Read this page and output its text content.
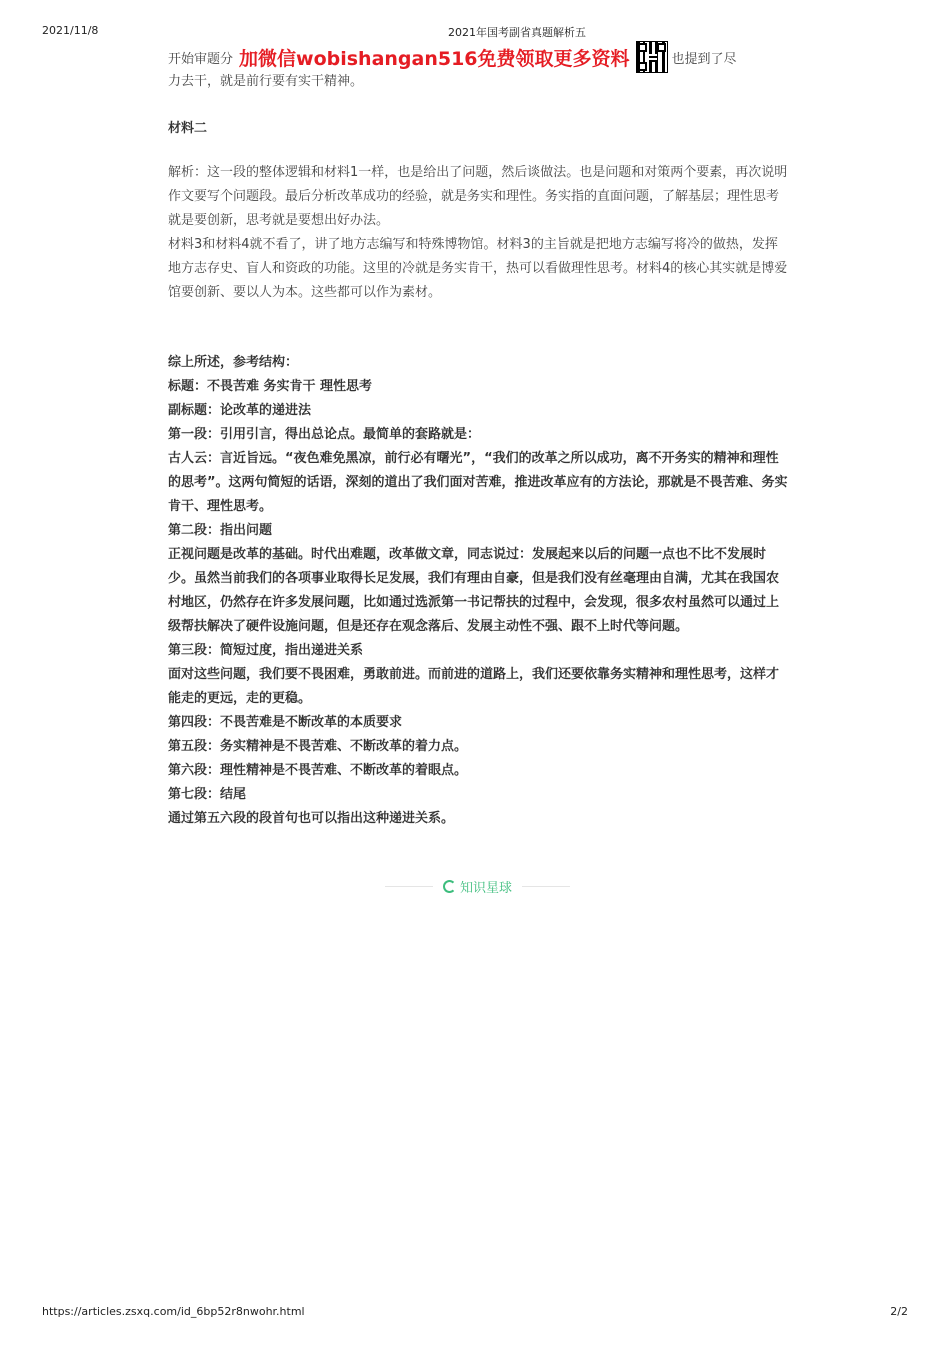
2021/11/8	2021年国考副省真题解析五
开始审题分 加微信wobishangan516免费领取更多资料	也提到了尽

力去干，就是前行要有实干精神。

材料二

解析：这一段的整体逻辑和材料1一样，也是给出了问题，然后谈做法。也是问题和对策两个要素，再次说明作文要写个问题段。最后分析改革成功的经验，就是务实和理性。务实指的直面问题，了解基层；理性思考就是要创新，思考就是要想出好办法。

材料3和材料4就不看了，讲了地方志编写和特殊博物馆。材料3的主旨就是把地方志编写将冷的做热，发挥地方志存史、盲人和资政的功能。这里的冷就是务实肯干，热可以看做理性思考。材料4的核心其实就是博爱馆要创新、要以人为本。这些都可以作为素材。

综上所述，参考结构：

标题：不畏苦难 务实肯干 理性思考

副标题：论改革的递进法

第一段：引用引言，得出总论点。最简单的套路就是：

古人云：言近旨远。“夜色难免黑凉，前行必有曙光”，“我们的改革之所以成功，离不开务实的精神和理性的思考”。这两句简短的话语，深刻的道出了我们面对苦难，推进改革应有的方法论，那就是不畏苦难、务实肯干、理性思考。

第二段：指出问题

正视问题是改革的基础。时代出难题，改革做文章，同志说过：发展起来以后的问题一点也不比不发展时少。虽然当前我们的各项事业取得长足发展，我们有理由自豪，但是我们没有丝毫理由自满，尤其在我国农村地区，仍然存在许多发展问题，比如通过选派第一书记帮扶的过程中，会发现，很多农村虽然可以通过上级帮扶解决了硬件设施问题，但是还存在观念落后、发展主动性不强、跟不上时代等问题。

第三段：简短过度，指出递进关系

面对这些问题，我们要不畏困难，勇敢前进。而前进的道路上，我们还要依靠务实精神和理性思考，这样才能走的更远，走的更稳。

第四段：不畏苦难是不断改革的本质要求

第五段：务实精神是不畏苦难、不断改革的着力点。

第六段：理性精神是不畏苦难、不断改革的着眼点。

第七段：结尾

通过第五六段的段首句也可以指出这种递进关系。

知识星球
https://articles.zsxq.com/id_6bp52r8nwohr.html	2/2
